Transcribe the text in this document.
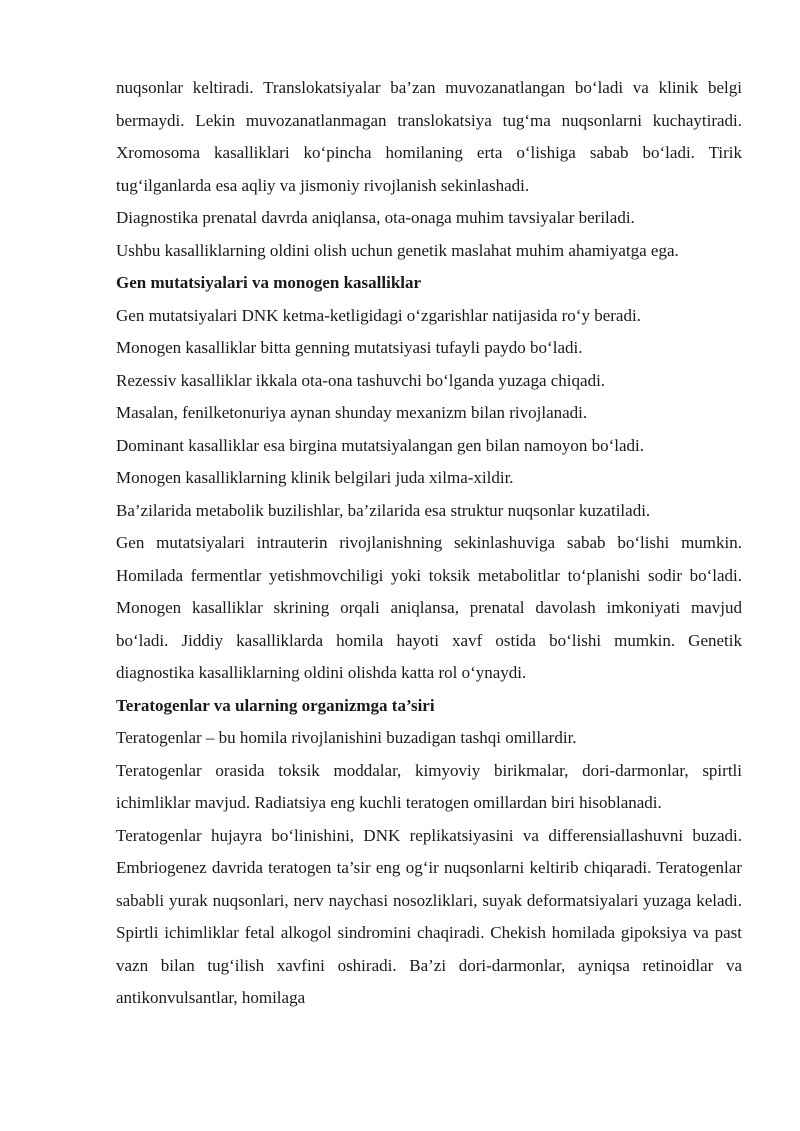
nuqsonlar keltiradi. Translokatsiyalar ba’zan muvozanatlangan bo‘ladi va klinik belgi bermaydi. Lekin muvozanatlanmagan translokatsiya tug‘ma nuqsonlarni kuchaytiradi. Xromosoma kasalliklari ko‘pincha homilaning erta o‘lishiga sabab bo‘ladi. Tirik tug‘ilganlarda esa aqliy va jismoniy rivojlanish sekinlashadi.

Diagnostika prenatal davrda aniqlansa, ota-onaga muhim tavsiyalar beriladi.

Ushbu kasalliklarning oldini olish uchun genetik maslahat muhim ahamiyatga ega.

Gen mutatsiyalari va monogen kasalliklar

Gen mutatsiyalari DNK ketma-ketligidagi o‘zgarishlar natijasida ro‘y beradi.

Monogen kasalliklar bitta genning mutatsiyasi tufayli paydo bo‘ladi.

Rezessiv kasalliklar ikkala ota-ona tashuvchi bo‘lganda yuzaga chiqadi.

Masalan, fenilketonuriya aynan shunday mexanizm bilan rivojlanadi.

Dominant kasalliklar esa birgina mutatsiyalangan gen bilan namoyon bo‘ladi.

Monogen kasalliklarning klinik belgilari juda xilma-xildir.

Ba’zilarida metabolik buzilishlar, ba’zilarida esa struktur nuqsonlar kuzatiladi.

Gen mutatsiyalari intrauterin rivojlanishning sekinlashuviga sabab bo‘lishi mumkin. Homilada fermentlar yetishmovchiligi yoki toksik metabolitlar to‘planishi sodir bo‘ladi. Monogen kasalliklar skrining orqali aniqlansa, prenatal davolash imkoniyati mavjud bo‘ladi. Jiddiy kasalliklarda homila hayoti xavf ostida bo‘lishi mumkin. Genetik diagnostika kasalliklarning oldini olishda katta rol o‘ynaydi.

Teratogenlar va ularning organizmga ta’siri

Teratogenlar – bu homila rivojlanishini buzadigan tashqi omillardir.

Teratogenlar orasida toksik moddalar, kimyoviy birikmalar, dori-darmonlar, spirtli ichimliklar mavjud. Radiatsiya eng kuchli teratogen omillardan biri hisoblanadi.

Teratogenlar hujayra bo‘linishini, DNK replikatsiyasini va differensiallashuvni buzadi. Embriogenez davrida teratogen ta’sir eng og‘ir nuqsonlarni keltirib chiqaradi. Teratogenlar sababli yurak nuqsonlari, nerv naychasi nosozliklari, suyak deformatsiyalari yuzaga keladi. Spirtli ichimliklar fetal alkogol sindromini chaqiradi. Chekish homilada gipoksiya va past vazn bilan tug‘ilish xavfini oshiradi. Ba’zi dori-darmonlar, ayniqsa retinoidlar va antikonvulsantlar, homilaga
